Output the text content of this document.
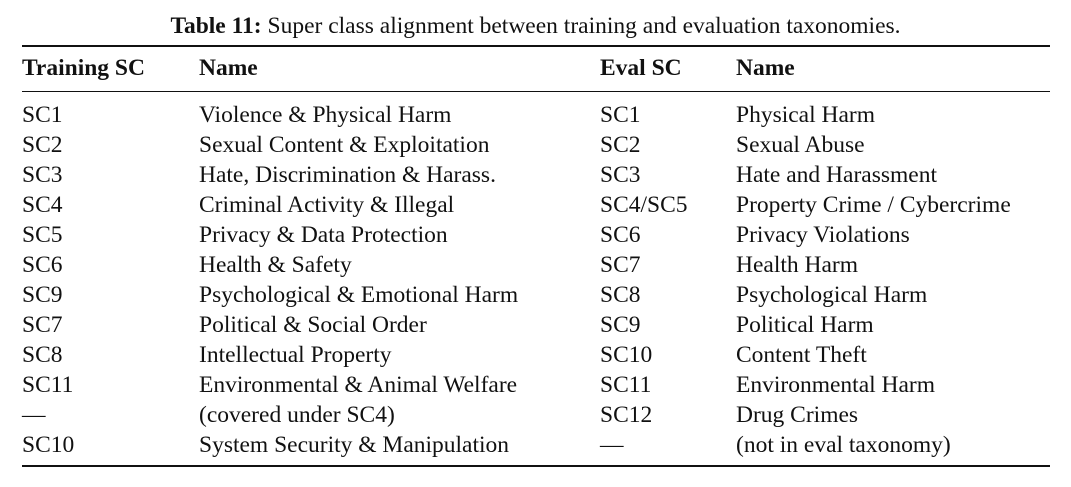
Table 11: Super class alignment between training and evaluation taxonomies.
Training SC Name	Eval SC Name
SC1	Violence & Physical Harm	SC1	Physical Harm
SC2	Sexual Content & Exploitation	SC2	Sexual Abuse
SC3	Hate, Discrimination & Harass.	SC3	Hate and Harassment
SC4	Criminal Activity & Illegal	SC4/SC5 Property Crime / Cybercrime
SC5	Privacy & Data Protection	SC6	Privacy Violations
SC6	Health & Safety	SC7	Health Harm
SC9	Psychological & Emotional Harm	SC8	Psychological Harm
SC7	Political & Social Order	SC9	Political Harm
SC8	Intellectual Property	SC10	Content Theft
SC11	Environmental & Animal Welfare	SC11	Environmental Harm
—	(covered under SC4)	SC12	Drug Crimes
SC10	System Security & Manipulation	—	(not in eval taxonomy)
